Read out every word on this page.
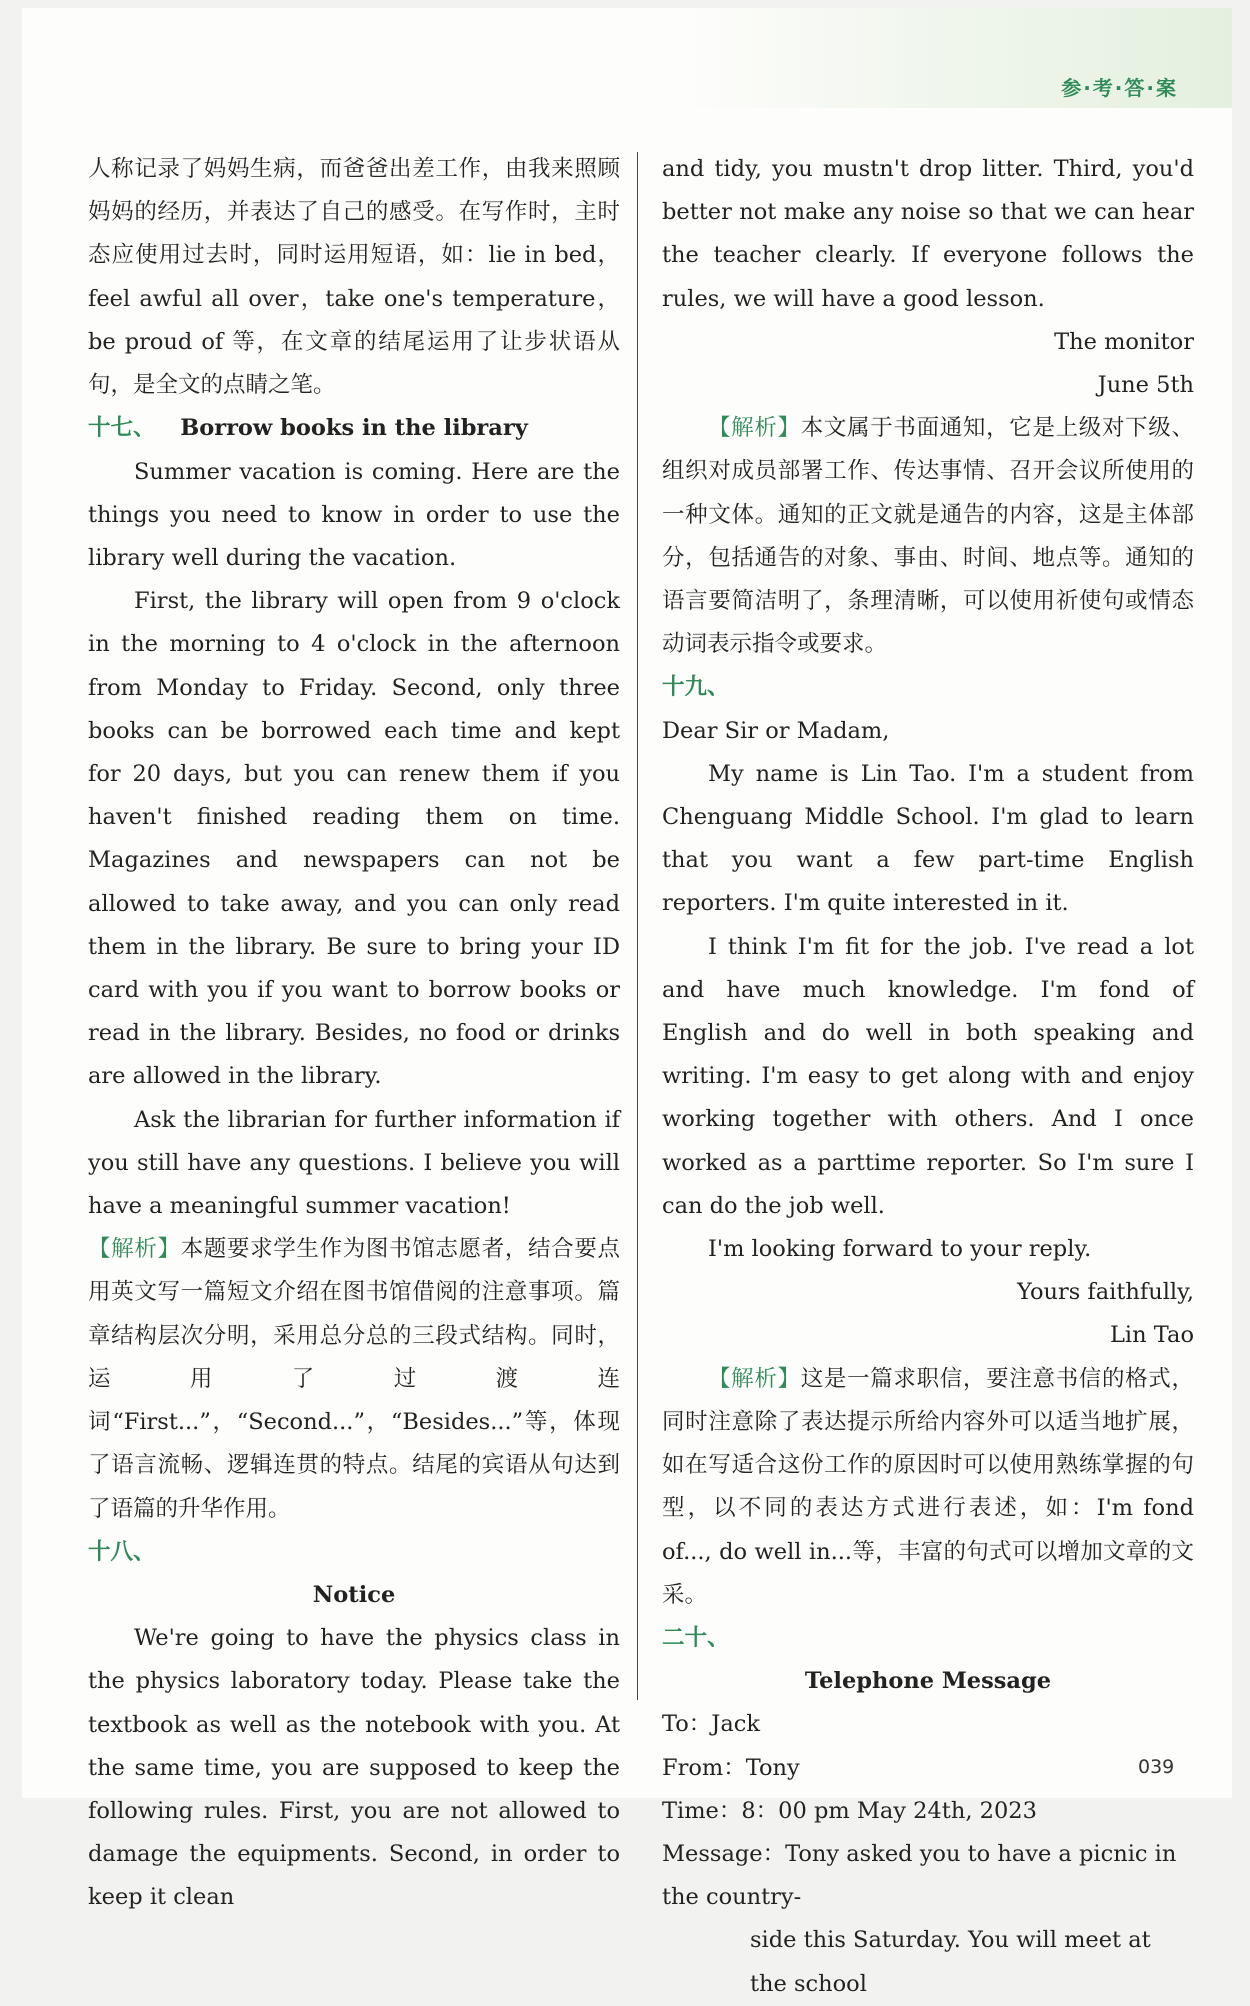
参·考·答·案

人称记录了妈妈生病，而爸爸出差工作，由我来照顾妈妈的经历，并表达了自己的感受。在写作时，主时态应使用过去时，同时运用短语，如：lie in bed，feel awful all over，take one's temperature，be proud of 等，在文章的结尾运用了让步状语从句，是全文的点睛之笔。

十七、	Borrow books in the library

Summer vacation is coming. Here are the things you need to know in order to use the library well during the vacation.

First, the library will open from 9 o'clock in the morning to 4 o'clock in the afternoon from Monday to Friday. Second, only three books can be borrowed each time and kept for 20 days, but you can renew them if you haven't finished reading them on time. Magazines and newspapers can not be allowed to take away, and you can only read them in the library. Be sure to bring your ID card with you if you want to borrow books or read in the library. Besides, no food or drinks are allowed in the library.

Ask the librarian for further information if you still have any questions. I believe you will have a meaningful summer vacation!

【解析】本题要求学生作为图书馆志愿者，结合要点用英文写一篇短文介绍在图书馆借阅的注意事项。篇章结构层次分明，采用总分总的三段式结构。同时，运用了过渡连词“First...”，“Second...”，“Besides...”等，体现了语言流畅、逻辑连贯的特点。结尾的宾语从句达到了语篇的升华作用。

十八、
Notice

We're going to have the physics class in the physics laboratory today. Please take the textbook as well as the notebook with you. At the same time, you are supposed to keep the following rules. First, you are not allowed to damage the equipments. Second, in order to keep it clean

and tidy, you mustn't drop litter. Third, you'd better not make any noise so that we can hear the teacher clearly. If everyone follows the rules, we will have a good lesson.

The monitor
June 5th

【解析】本文属于书面通知，它是上级对下级、组织对成员部署工作、传达事情、召开会议所使用的一种文体。通知的正文就是通告的内容，这是主体部分，包括通告的对象、事由、时间、地点等。通知的语言要简洁明了，条理清晰，可以使用祈使句或情态动词表示指令或要求。

十九、
Dear Sir or Madam,

My name is Lin Tao. I'm a student from Chenguang Middle School. I'm glad to learn that you want a few part-time English reporters. I'm quite interested in it.

I think I'm fit for the job. I've read a lot and have much knowledge. I'm fond of English and do well in both speaking and writing. I'm easy to get along with and enjoy working together with others. And I once worked as a parttime reporter. So I'm sure I can do the job well.

I'm looking forward to your reply.

Yours faithfully,
Lin Tao

【解析】这是一篇求职信，要注意书信的格式，同时注意除了表达提示所给内容外可以适当地扩展，如在写适合这份工作的原因时可以使用熟练掌握的句型，以不同的表达方式进行表述，如：I'm fond of..., do well in...等，丰富的句式可以增加文章的文采。

二十、
Telephone Message
To：Jack
From：Tony
Time：8：00 pm May 24th, 2023
Message：Tony asked you to have a picnic in the country-
side this Saturday. You will meet at the school
039
